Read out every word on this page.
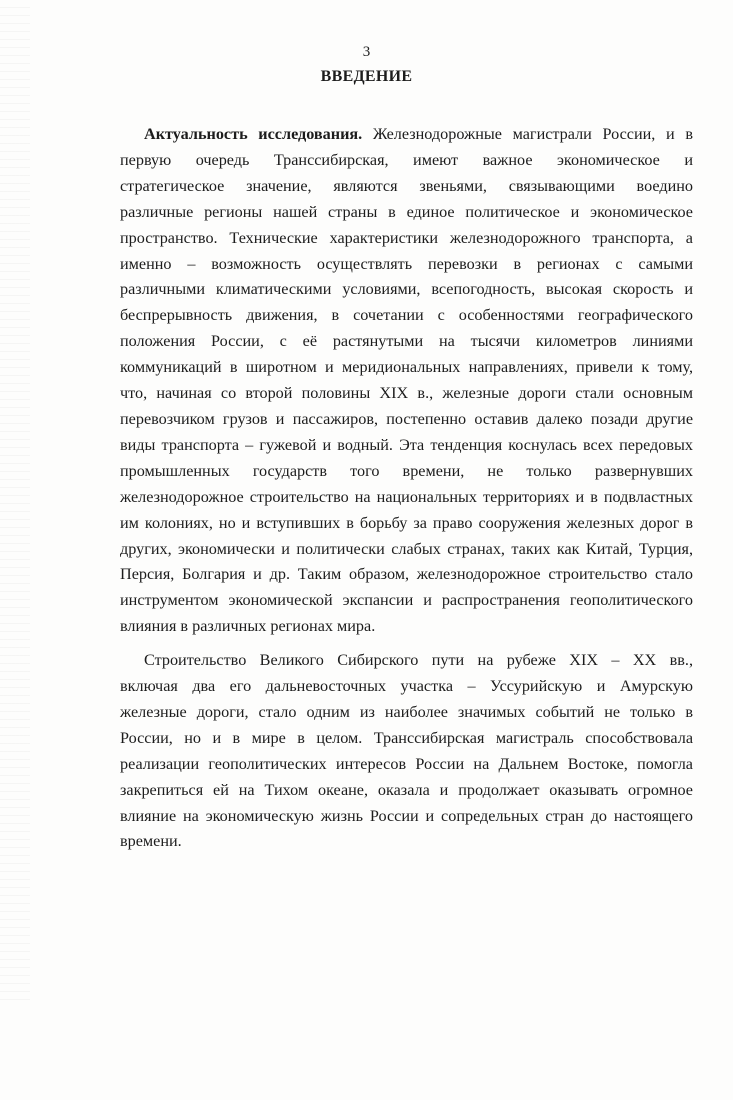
3
ВВЕДЕНИЕ
Актуальность исследования. Железнодорожные магистрали России, и в
первую очередь Транссибирская, имеют важное экономическое и
стратегическое значение, являются звеньями, связывающими воедино
различные регионы нашей страны в единое политическое и экономическое
пространство. Технические характеристики железнодорожного транспорта, а
именно – возможность осуществлять перевозки в регионах с самыми
различными климатическими условиями, всепогодность, высокая скорость и
беспрерывность движения, в сочетании с особенностями географического
положения России, с её растянутыми на тысячи километров линиями
коммуникаций в широтном и меридиональных направлениях, привели к тому,
что, начиная со второй половины XIX в., железные дороги стали основным
перевозчиком грузов и пассажиров, постепенно оставив далеко позади другие
виды транспорта – гужевой и водный. Эта тенденция коснулась всех передовых
промышленных государств того времени, не только развернувших
железнодорожное строительство на национальных территориях и в подвластных
им колониях, но и вступивших в борьбу за право сооружения железных дорог в
других, экономически и политически слабых странах, таких как Китай, Турция,
Персия, Болгария и др. Таким образом, железнодорожное строительство стало
инструментом экономической экспансии и распространения геополитического
влияния в различных регионах мира.
Строительство Великого Сибирского пути на рубеже XIX – XX вв.,
включая два его дальневосточных участка – Уссурийскую и Амурскую
железные дороги, стало одним из наиболее значимых событий не только в
России, но и в мире в целом. Транссибирская магистраль способствовала
реализации геополитических интересов России на Дальнем Востоке, помогла
закрепиться ей на Тихом океане, оказала и продолжает оказывать огромное
влияние на экономическую жизнь России и сопредельных стран до настоящего
времени.
